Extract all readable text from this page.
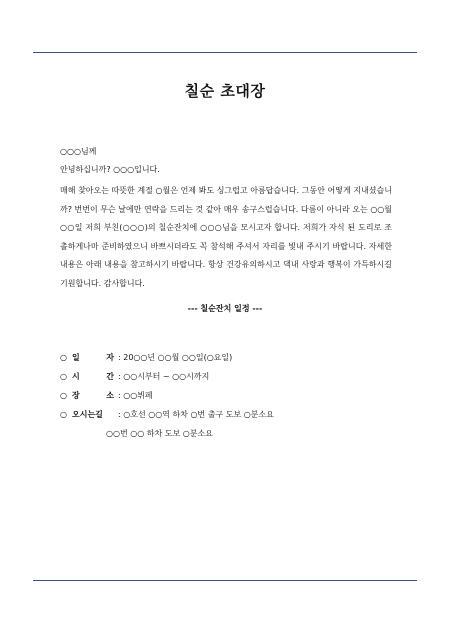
칠순 초대장
○○○님께
안녕하십니까? ○○○입니다.

매해 찾아오는 따뜻한 계절 ○월은 언제 봐도 싱그럽고 아름답습니다. 그동안 어떻게 지내셨습니까? 번번이 무슨 날에만 연락을 드리는 것 같아 매우 송구스럽습니다. 다름이 아니라 오는 ○○월 ○○일 저희 부친(○○○)의 칠순잔치에 ○○○님을 모시고자 합니다. 저희가 자식 된 도리로 조촐하게나마 준비하였으니 바쁘시더라도 꼭 참석해 주셔서 자리를 빛내 주시기 바랍니다. 자세한 내용은 아래 내용을 참고하시기 바랍니다. 항상 건강유의하시고 댁내 사랑과 행복이 가득하시길 기원합니다. 감사합니다.

--- 칠순잔치 일정 ---
○ 일	자 : 20○○년 ○○월 ○○일(○요일)
○ 시	간 : ○○시부터 ~ ○○시까지
○ 장	소 : ○○뷔페
○ 오시는길 : ○호선 ○○역 하차 ○번 출구 도보 ○분소요
○○번 ○○ 하차 도보 ○분소요
